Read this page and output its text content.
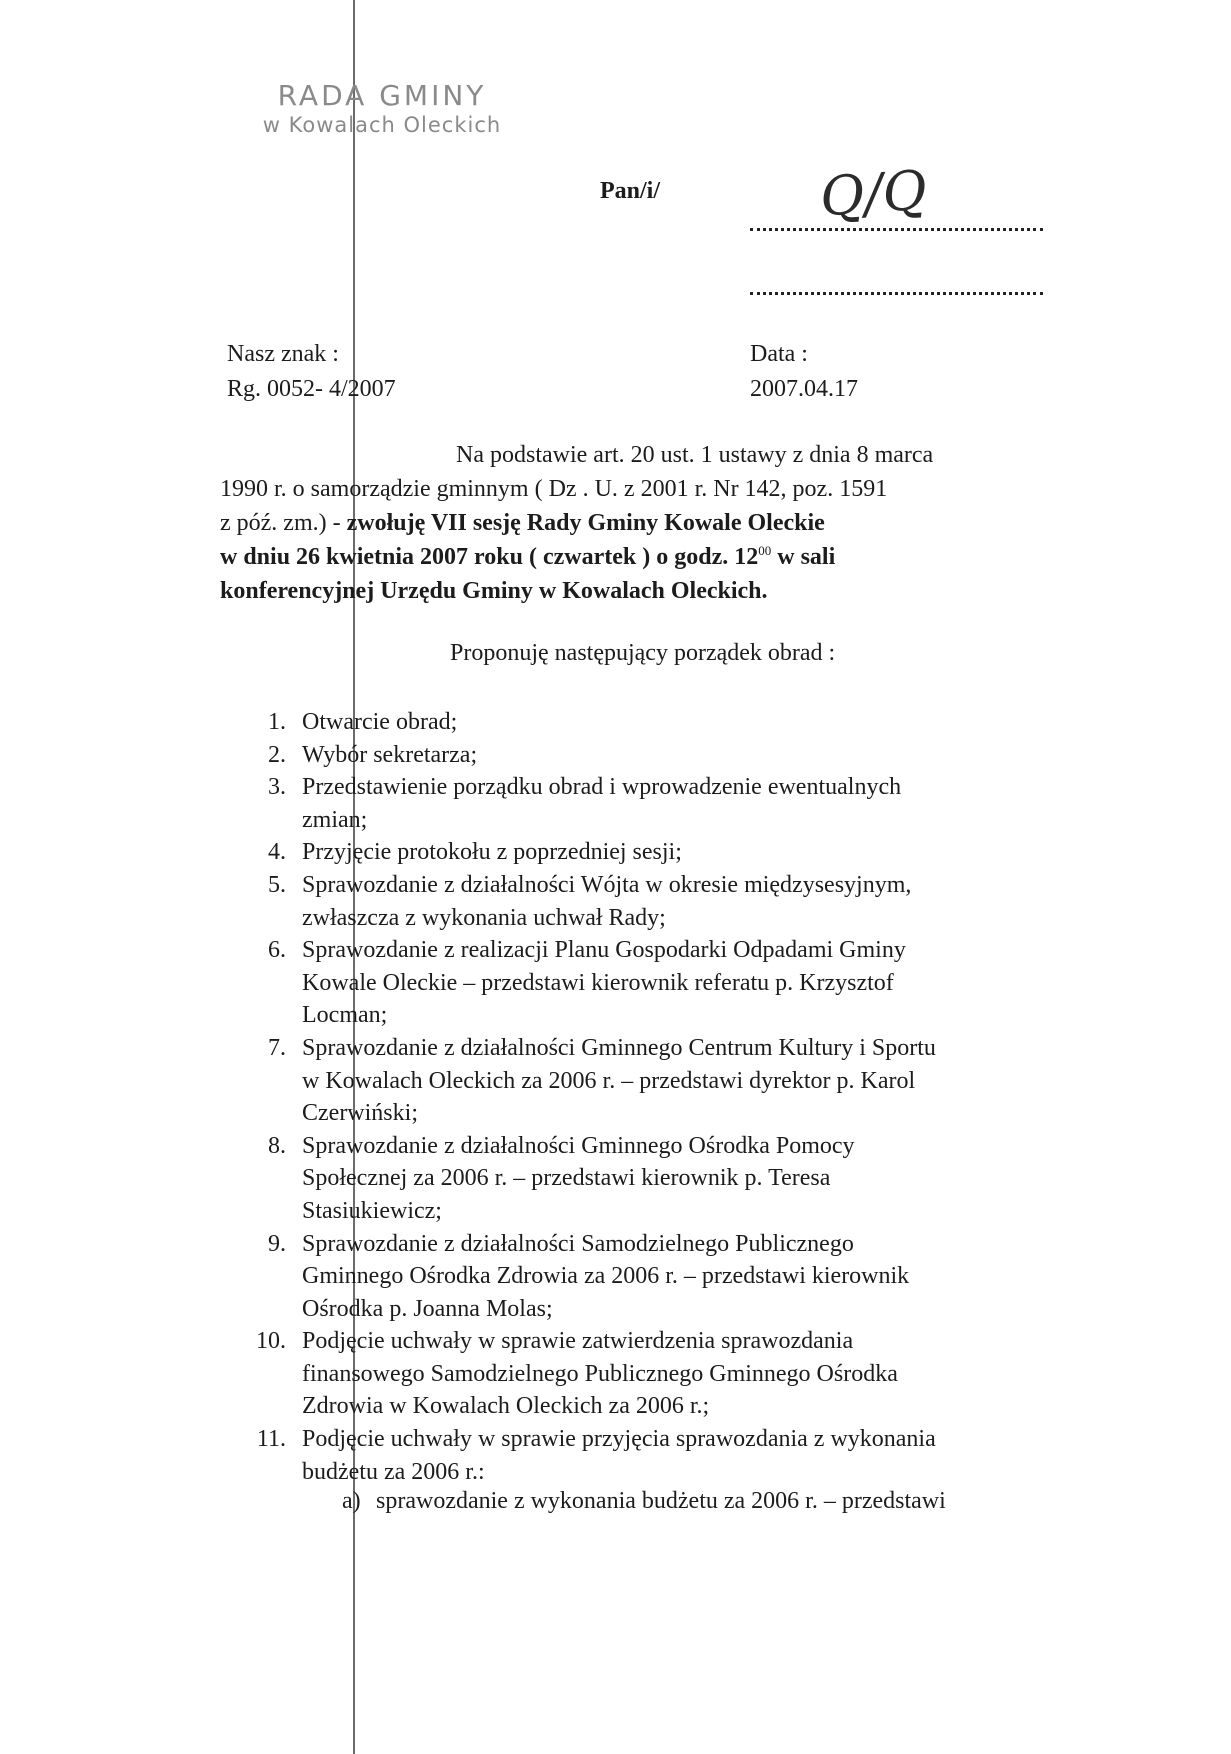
RADA GMINY
w Kowalach Oleckich
Pan/i/	Q/Q
Nasz znak :
Rg. 0052- 4/2007
Data :
2007.04.17
Na podstawie art. 20 ust. 1 ustawy z dnia 8 marca
1990 r. o samorządzie gminnym ( Dz . U. z 2001 r. Nr 142, poz. 1591
z póź. zm.) - zwołuję VII sesję Rady Gminy Kowale Oleckie
w dniu 26 kwietnia 2007 roku ( czwartek ) o godz. $12^{00}$ w sali
konferencyjnej Urzędu Gminy w Kowalach Oleckich.
Proponuję następujący porządek obrad :
1. Otwarcie obrad;
2. Wybór sekretarza;
3. Przedstawienie porządku obrad i wprowadzenie ewentualnych
zmian;
4. Przyjęcie protokołu z poprzedniej sesji;
5. Sprawozdanie z działalności Wójta w okresie międzysesyjnym,
zwłaszcza z wykonania uchwał Rady;
6. Sprawozdanie z realizacji Planu Gospodarki Odpadami Gminy
Kowale Oleckie – przedstawi kierownik referatu p. Krzysztof
Locman;
7. Sprawozdanie z działalności Gminnego Centrum Kultury i Sportu
w Kowalach Oleckich za 2006 r. – przedstawi dyrektor p. Karol
Czerwiński;
8. Sprawozdanie z działalności Gminnego Ośrodka Pomocy
Społecznej za 2006 r. – przedstawi kierownik p. Teresa
Stasiukiewicz;
9. Sprawozdanie z działalności Samodzielnego Publicznego
Gminnego Ośrodka Zdrowia za 2006 r. – przedstawi kierownik
Ośrodka p. Joanna Molas;
10. Podjęcie uchwały w sprawie zatwierdzenia sprawozdania
finansowego Samodzielnego Publicznego Gminnego Ośrodka
Zdrowia w Kowalach Oleckich za 2006 r.;
11. Podjęcie uchwały w sprawie przyjęcia sprawozdania z wykonania
budżetu za 2006 r.:
a) sprawozdanie z wykonania budżetu za 2006 r. – przedstawi
